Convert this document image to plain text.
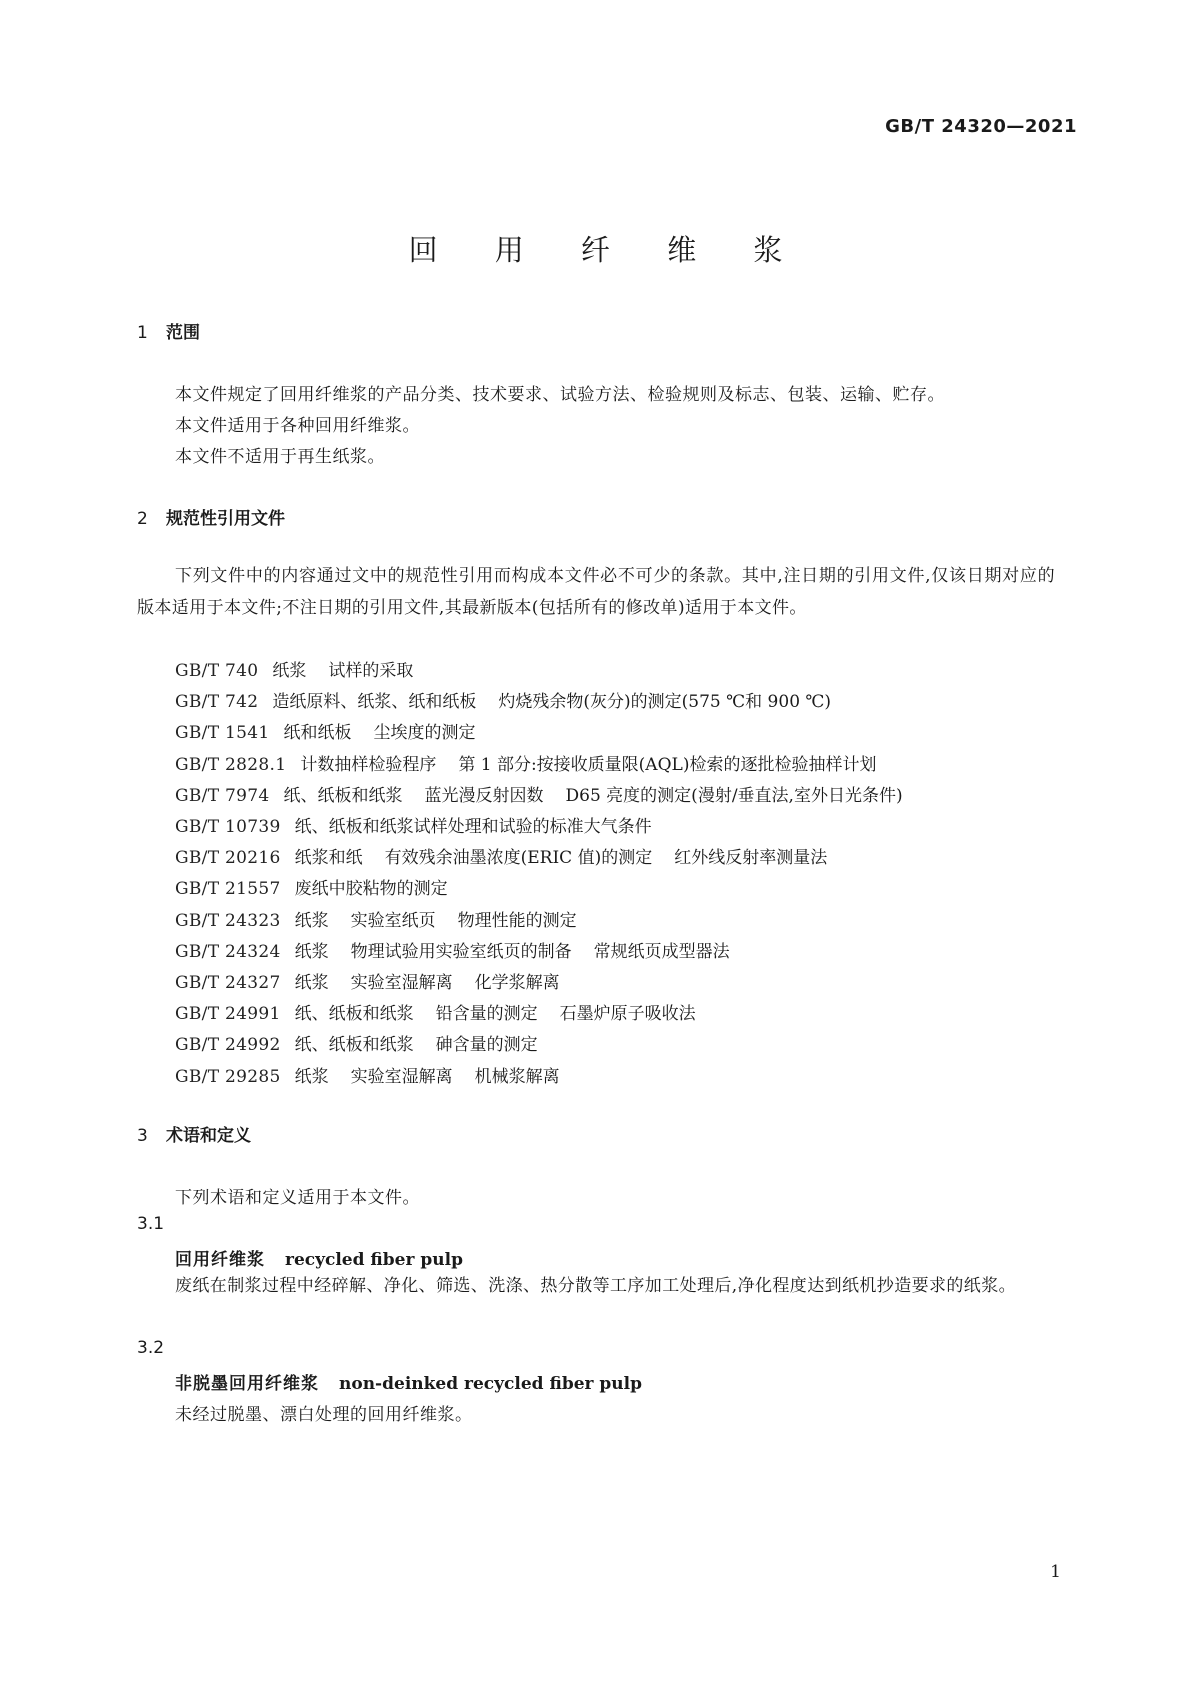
GB/T 24320—2021
回 用 纤 维 浆
1 范围
本文件规定了回用纤维浆的产品分类、技术要求、试验方法、检验规则及标志、包装、运输、贮存。
本文件适用于各种回用纤维浆。
本文件不适用于再生纸浆。
2 规范性引用文件
下列文件中的内容通过文中的规范性引用而构成本文件必不可少的条款。其中,注日期的引用文件,仅该日期对应的版本适用于本文件;不注日期的引用文件,其最新版本(包括所有的修改单)适用于本文件。
GB/T 740 纸浆 试样的采取
GB/T 742 造纸原料、纸浆、纸和纸板 灼烧残余物(灰分)的测定(575 ℃和 900 ℃)
GB/T 1541 纸和纸板 尘埃度的测定
GB/T 2828.1 计数抽样检验程序 第 1 部分:按接收质量限(AQL)检索的逐批检验抽样计划
GB/T 7974 纸、纸板和纸浆 蓝光漫反射因数 D65 亮度的测定(漫射/垂直法,室外日光条件)
GB/T 10739 纸、纸板和纸浆试样处理和试验的标准大气条件
GB/T 20216 纸浆和纸 有效残余油墨浓度(ERIC 值)的测定 红外线反射率测量法
GB/T 21557 废纸中胶粘物的测定
GB/T 24323 纸浆 实验室纸页 物理性能的测定
GB/T 24324 纸浆 物理试验用实验室纸页的制备 常规纸页成型器法
GB/T 24327 纸浆 实验室湿解离 化学浆解离
GB/T 24991 纸、纸板和纸浆 铅含量的测定 石墨炉原子吸收法
GB/T 24992 纸、纸板和纸浆 砷含量的测定
GB/T 29285 纸浆 实验室湿解离 机械浆解离
3 术语和定义
下列术语和定义适用于本文件。
3.1
回用纤维浆 recycled fiber pulp
废纸在制浆过程中经碎解、净化、筛选、洗涤、热分散等工序加工处理后,净化程度达到纸机抄造要求的纸浆。
3.2
非脱墨回用纤维浆 non-deinked recycled fiber pulp
未经过脱墨、漂白处理的回用纤维浆。
1
